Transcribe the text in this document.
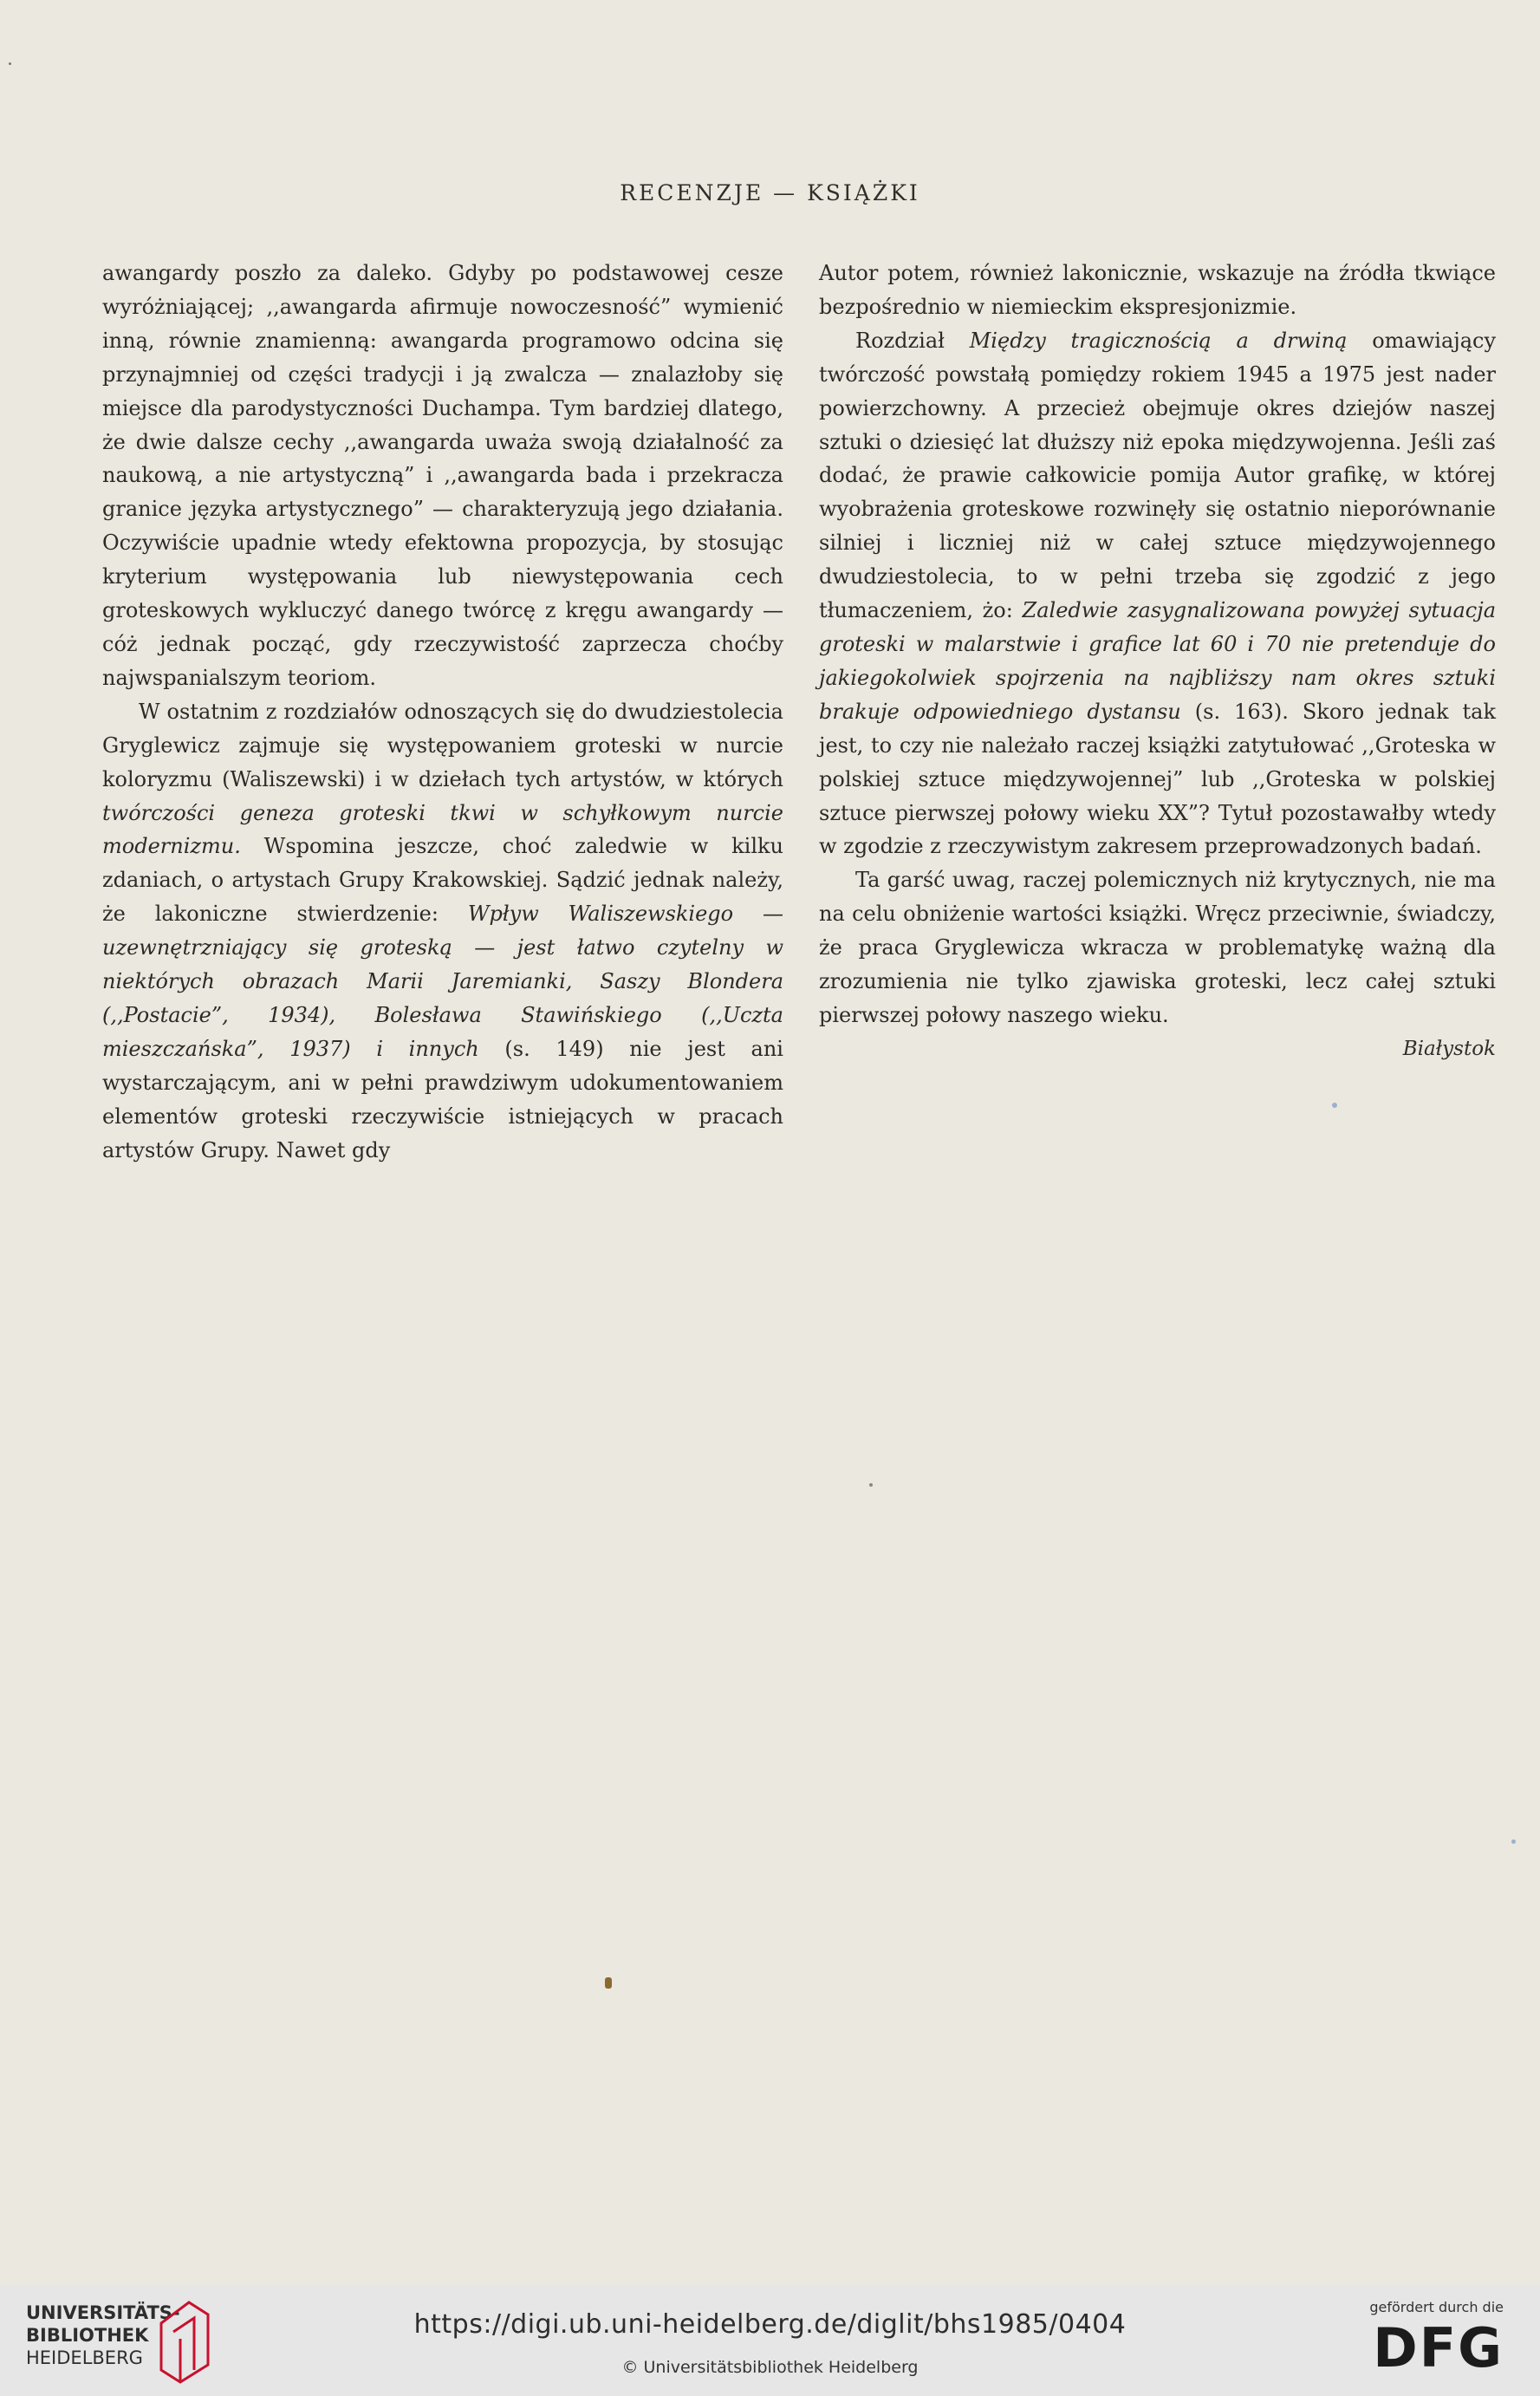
RECENZJE — KSIĄŻKI

awangardy poszło za daleko. Gdyby po podstawowej cesze wyróżniającej; ,,awangarda afirmuje nowoczesność” wymienić inną, równie znamienną: awangarda programowo odcina się przynajmniej od części tradycji i ją zwalcza — znalazłoby się miejsce dla parodystyczności Duchampa. Tym bardziej dlatego, że dwie dalsze cechy ,,awangarda uważa swoją działalność za naukową, a nie artystyczną” i ,,awangarda bada i przekracza granice języka artystycznego” — charakteryzują jego działania. Oczywiście upadnie wtedy efektowna propozycja, by stosując kryterium występowania lub niewystępowania cech groteskowych wykluczyć danego twórcę z kręgu awangardy — cóż jednak począć, gdy rzeczywistość zaprzecza choćby najwspanialszym teoriom.

W ostatnim z rozdziałów odnoszących się do dwudziestolecia Gryglewicz zajmuje się występowaniem groteski w nurcie koloryzmu (Waliszewski) i w dziełach tych artystów, w których twórczości geneza groteski tkwi w schyłkowym nurcie modernizmu. Wspomina jeszcze, choć zaledwie w kilku zdaniach, o artystach Grupy Krakowskiej. Sądzić jednak należy, że lakoniczne stwierdzenie: Wpływ Waliszewskiego — uzewnętrzniający się groteską — jest łatwo czytelny w niektórych obrazach Marii Jaremianki, Saszy Blondera (,,Postacie”, 1934), Bolesława Stawińskiego (,,Uczta mieszczańska”, 1937) i innych (s. 149) nie jest ani wystarczającym, ani w pełni prawdziwym udokumentowaniem elementów groteski rzeczywiście istniejących w pracach artystów Grupy. Nawet gdy

Autor potem, również lakonicznie, wskazuje na źródła tkwiące bezpośrednio w niemieckim ekspresjonizmie.

Rozdział Między tragicznością a drwiną omawiający twórczość powstałą pomiędzy rokiem 1945 a 1975 jest nader powierzchowny. A przecież obejmuje okres dziejów naszej sztuki o dziesięć lat dłuższy niż epoka międzywojenna. Jeśli zaś dodać, że prawie całkowicie pomija Autor grafikę, w której wyobrażenia groteskowe rozwinęły się ostatnio nieporównanie silniej i liczniej niż w całej sztuce międzywojennego dwudziestolecia, to w pełni trzeba się zgodzić z jego tłumaczeniem, żo: Zaledwie zasygnalizowana powyżej sytuacja groteski w malarstwie i grafice lat 60 i 70 nie pretenduje do jakiegokolwiek spojrzenia na najbliższy nam okres sztuki brakuje odpowiedniego dystansu (s. 163). Skoro jednak tak jest, to czy nie należało raczej książki zatytułować ,,Groteska w polskiej sztuce międzywojennej” lub ,,Groteska w polskiej sztuce pierwszej połowy wieku XX”? Tytuł pozostawałby wtedy w zgodzie z rzeczywistym zakresem przeprowadzonych badań.

Ta garść uwag, raczej polemicznych niż krytycznych, nie ma na celu obniżenie wartości książki. Wręcz przeciwnie, świadczy, że praca Gryglewicza wkracza w problematykę ważną dla zrozumienia nie tylko zjawiska groteski, lecz całej sztuki pierwszej połowy naszego wieku.

Białystok
UNIVERSITÄTS-
BIBLIOTHEK
HEIDELBERG
https://digi.ub.uni-heidelberg.de/diglit/bhs1985/0404
© Universitätsbibliothek Heidelberg
gefördert durch die
DFG
